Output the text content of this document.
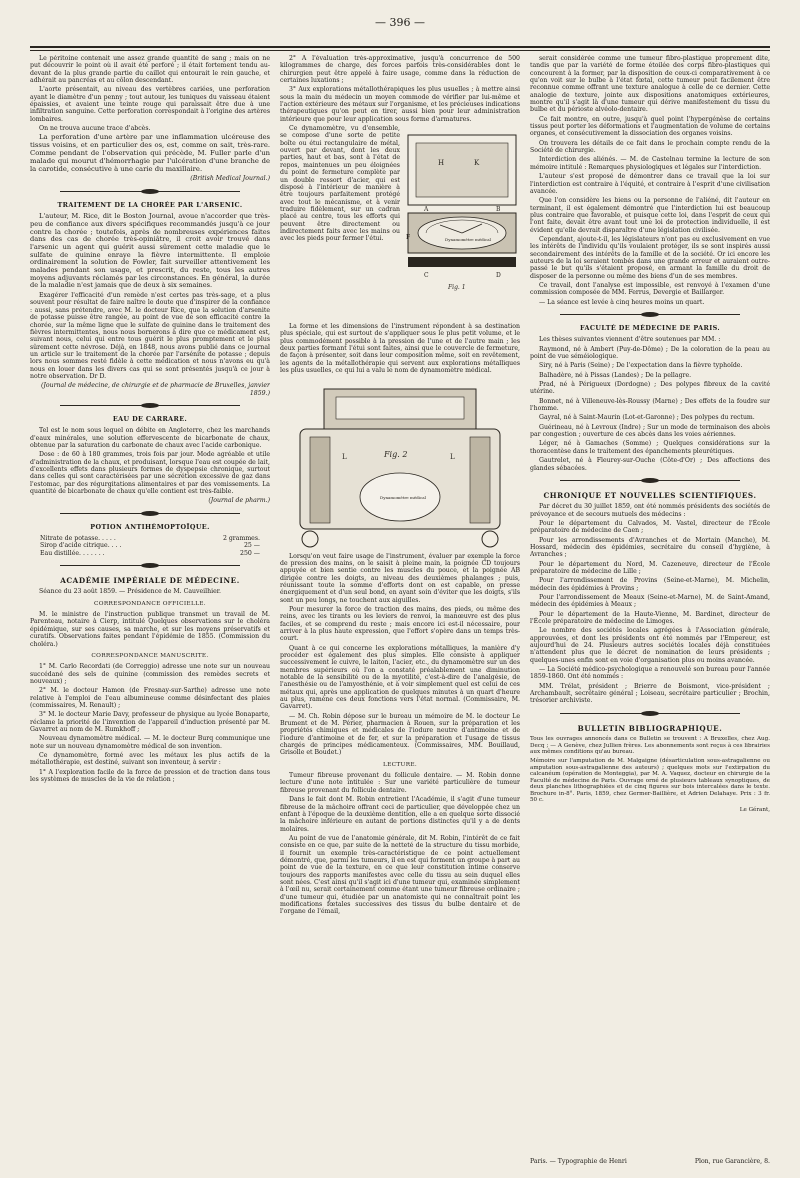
— 396 —

Le péritoine contenait une assez grande quantité de sang ; mais on ne put découvrir le point où il avait été perforé ; il était fortement tendu au-devant de la plus grande partie du caillot qui entourait le rein gauche, et adhérait au pancréas et au côlon descendant.

L'aorte présentait, au niveau des vertèbres cariées, une perforation ayant le diamètre d'un penny ; tout autour, les tuniques du vaisseau étaient épaissies, et avaient une teinte rouge qui paraissait être due à une infiltration sanguine. Cette perforation correspondait à l'origine des artères lombaires.

On ne trouva aucune trace d'abcès.

La perforation d'une artère par une inflammation ulcéreuse des tissus voisins, et en particulier des os, est, comme on sait, très-rare. Comme pendant de l'observation qui précède, M. Fuller parle d'un malade qui mourut d'hémorrhagie par l'ulcération d'une branche de la carotide, consécutive à une carie du maxillaire.

(British Medical Journal.)
TRAITEMENT DE LA CHORÉE PAR L'ARSENIC.

L'auteur, M. Rice, dit le Boston Journal, avoue n'accorder que très-peu de confiance aux divers spécifiques recommandés jusqu'à ce jour contre la chorée ; toutefois, après de nombreuses expériences faites dans des cas de chorée très-opiniâtre, il croit avoir trouvé dans l'arsenic un agent qui guérit aussi sûrement cette maladie que le sulfate de quinine enraye la fièvre intermittente. Il emploie ordinairement la solution de Fowler, fait surveiller attentivement les malades pendant son usage, et prescrit, du reste, tous les autres moyens adjuvants réclamés par les circonstances. En général, la durée de la maladie n'est jamais que de deux à six semaines.

Exagérer l'efficacité d'un remède n'est certes pas très-sage, et a plus souvent pour résultat de faire naître le doute que d'inspirer de la confiance : aussi, sans prétendre, avec M. le docteur Rice, que la solution d'arsenite de potasse puisse être rangée, au point de vue de son efficacité contre la chorée, sur la même ligne que le sulfate de quinine dans le traitement des fièvres intermittentes, nous nous bornerons à dire que ce médicament est, suivant nous, celui qui entre tous guérit le plus promptement et le plus sûrement cette névrose. Déjà, en 1848, nous avons publié dans ce journal un article sur le traitement de la chorée par l'arsénite de potasse ; depuis lors nous sommes resté fidèle à cette médication et nous n'avons eu qu'à nous en louer dans les divers cas qui se sont présentés jusqu'à ce jour à notre observation. Dr D.

(Journal de médecine, de chirurgie et de pharmacie de Bruxelles, janvier 1859.)
EAU DE CARRARE.

Tel est le nom sous lequel on débite en Angleterre, chez les marchands d'eaux minérales, une solution effervescente de bicarbonate de chaux, obtenue par la saturation du carbonate de chaux avec l'acide carbonique.

Dose : de 60 à 180 grammes, trois fois par jour. Mode agréable et utile d'administration de la chaux, et produisant, lorsque l'eau est coupée de lait, d'excellents effets dans plusieurs formes de dyspepsie chronique, surtout dans celles qui sont caractérisées par une sécrétion excessive de gaz dans l'estomac, par des régurgitations alimentaires et par des vomissements. La quantité de bicarbonate de chaux qu'elle contient est très-faible.

(Journal de pharm.)
POTION ANTIHÉMOPTOÏQUE.
Nitrate de potasse. . . . .	2 grammes.
Sirop d'acide citrique. . . .	25 —
Eau distillée. . . . . . .	250 —
ACADÉMIE IMPÉRIALE DE MÉDECINE.

Séance du 23 août 1859. — Présidence de M. Cauveilhier.

CORRESPONDANCE OFFICIELLE.

M. le ministre de l'instruction publique transmet un travail de M. Parenteau, notaire à Cierp, intitulé Quelques observations sur le choléra épidémique, sur ses causes, sa marche, et sur les moyens préservatifs et curatifs. Observations faites pendant l'épidémie de 1855. (Commission du choléra.)

CORRESPONDANCE MANUSCRITE.

1° M. Carlo Recordati (de Correggio) adresse une note sur un nouveau succédané des sels de quinine (commission des remèdes secrets et nouveaux) ;

2° M. le docteur Hamon (de Fresnay-sur-Sarthe) adresse une note relative à l'emploi de l'eau albumineuse comme désinfectant des plaies (commissaires, M. Renault) ;

3° M. le docteur Marie Davy, professeur de physique au lycée Bonaparte, réclame la priorité de l'invention de l'appareil d'induction présenté par M. Gavarret au nom de M. Rumkhoff ;

Nouveau dynamomètre médical. — M. le docteur Burq communique une note sur un nouveau dynamomètre médical de son invention.

Ce dynamomètre, formé avec les métaux les plus actifs de la métallothérapie, est destiné, suivant son inventeur, à servir :

1° A l'exploration facile de la force de pression et de traction dans tous les systèmes de muscles de la vie de relation ;

2° A l'évaluation très-approximative, jusqu'à concurrence de 500 kilogrammes de charge, des forces parfois très-considérables dont le chirurgien peut être appelé à faire usage, comme dans la réduction de certaines luxations ;

3° Aux explorations métallothérapiques les plus usuelles ; à mettre ainsi sous la main du médecin un moyen commode de vérifier par lui-même et l'action extérieure des métaux sur l'organisme, et les précieuses indications thérapeutiques qu'on peut en tirer, aussi bien pour leur administration intérieure que pour leur application sous forme d'armatures.

Ce dynamomètre, vu d'ensemble, se compose d'une sorte de petite boîte ou étui rectangulaire de métal, ouvert par devant, dont les deux parties, haut et bas, sont à l'état de repos, maintenues un peu éloignées du point de fermeture complète par un double ressort d'acier, qui est disposé à l'intérieur de manière à être toujours parfaitement protégé avec tout le mécanisme, et à venir traduire fidèlement, sur un cadran placé au centre, tous les efforts qui peuvent être directement ou indirectement faits avec les mains ou avec les pieds pour fermer l'étui.

H	K
Dynamomètre médical
A	B
C	D
F
Fig. 1

La forme et les dimensions de l'instrument répondent à sa destination plus spéciale, qui est surtout de s'appliquer sous le plus petit volume, et le plus commodément possible à la pression de l'une et de l'autre main ; les deux parties formant l'étui sont faites, ainsi que le couvercle de fermeture, de façon à présenter, soit dans leur composition même, soit en revêtement, les agents de la métallothérapie qui servent aux explorations métalliques les plus usuelles, ce qui lui a valu le nom de dynamomètre médical.

Dynamomètre médical
Fig. 2
L	L

Lorsqu'on veut faire usage de l'instrument, évaluer par exemple la force de pression des mains, on le saisit à pleine main, la poignée CD toujours appuyée et bien sentie contre les muscles du pouce, et la poignée AB dirigée contre les doigts, au niveau des deuxièmes phalanges ; puis, réunissant toute la somme d'efforts dont on est capable, on presse énergiquement et d'un seul bond, en ayant soin d'éviter que les doigts, s'ils sont un peu longs, ne touchent aux aiguilles.

Pour mesurer la force de traction des mains, des pieds, ou même des reins, avec les tirants ou les leviers de renvoi, la manœuvre est des plus faciles, et se comprend du reste ; mais encore ici est-il nécessaire, pour arriver à la plus haute expression, que l'effort s'opère dans un temps très-court.

Quant à ce qui concerne les explorations métalliques, la manière d'y procéder est également des plus simples. Elle consiste à appliquer successivement le cuivre, le laiton, l'acier, etc., du dynamomètre sur un des membres supérieurs où l'on a constaté préalablement une diminution notable de la sensibilité ou de la myotilité, c'est-à-dire de l'analgésie, de l'anesthésie ou de l'amyosthénie, et à voir simplement quel est celui de ces métaux qui, après une application de quelques minutes à un quart d'heure au plus, ramène ces deux fonctions vers l'état normal. (Commissaire, M. Gavarret).

— M. Ch. Robin dépose sur le bureau un mémoire de M. le docteur Le Brument et de M. Périer, pharmacien à Rouen, sur la préparation et les propriétés chimiques et médicales de l'iodure neutre d'antimoine et de l'iodure d'antimoine et de fer, et sur la préparation et l'usage de tissus chargés de principes médicamenteux. (Commissaires, MM. Bouillaud, Grisolle et Boudet.)

LECTURE.

Tumeur fibreuse provenant du follicule dentaire. — M. Robin donne lecture d'une note intitulée : Sur une variété particulière de tumeur fibreuse provenant du follicule dentaire.

Dans le fait dont M. Robin entretient l'Académie, il s'agit d'une tumeur fibreuse de la mâchoire offrant ceci de particulier, que développée chez un enfant à l'époque de la deuxième dentition, elle a en quelque sorte dissocié la mâchoire inférieure en autant de portions distinctes qu'il y a de dents molaires.

Au point de vue de l'anatomie générale, dit M. Robin, l'intérêt de ce fait consiste en ce que, par suite de la netteté de la structure du tissu morbide, il fournit un exemple très-caractéristique de ce point actuellement démontré, que, parmi les tumeurs, il en est qui forment un groupe à part au point de vue de la texture, en ce que leur constitution intime conserve toujours des rapports manifestes avec celle du tissu au sein duquel elles sont nées. C'est ainsi qu'il s'agit ici d'une tumeur qui, examinée simplement à l'œil nu, serait certainement comme étant une tumeur fibreuse ordinaire ; d'une tumeur qui, étudiée par un anatomiste qui ne connaîtrait point les modifications fœtales successives des tissus du bulbe dentaire et de l'organe de l'émail,

serait considérée comme une tumeur fibro-plastique proprement dite, tandis que par la variété de forme étoilée des corps fibro-plastiques qui concourent à la former, par la disposition de ceux-ci comparativement à ce qu'on voit sur le bulbe à l'état fœtal, cette tumeur peut facilement être reconnue comme offrant une texture analogue à celle de ce dernier. Cette analogie de texture, jointe aux dispositions anatomiques extérieures, montre qu'il s'agit là d'une tumeur qui dérive manifestement du tissu du bulbe et du périoste alvéolo-dentaire.

Ce fait montre, en outre, jusqu'à quel point l'hypergénèse de certains tissus peut porter les déformations et l'augmentation de volume de certains organes, et consécutivement la dissociation des organes voisins.

On trouvera les détails de ce fait dans le prochain compte rendu de la Société de chirurgie.

Interdiction des aliénés. — M. de Castelnau termine la lecture de son mémoire intitulé : Remarques physiologiques et légales sur l'interdiction.

L'auteur s'est proposé de démontrer dans ce travail que la loi sur l'interdiction est contraire à l'équité, et contraire à l'esprit d'une civilisation avancée.

Que l'on considère les biens ou la personne de l'aliéné, dit l'auteur en terminant, il est également démontré que l'interdiction lui est beaucoup plus contraire que favorable, et puisque cette loi, dans l'esprit de ceux qui l'ont faite, devait être avant tout une loi de protection individuelle, il est évident qu'elle devrait disparaître d'une législation civilisée.

Cependant, ajoute-t-il, les législateurs n'ont pas eu exclusivement en vue les intérêts de l'individu qu'ils voulaient protéger, ils se sont inspirés aussi secondairement des intérêts de la famille et de la société. Or ici encore les auteurs de la loi seraient tombés dans une grande erreur et auraient outre-passé le but qu'ils s'étaient proposé, en armant la famille du droit de disposer de la personne ou même des biens d'un de ses membres.

Ce travail, dont l'analyse est impossible, est renvoyé à l'examen d'une commission composée de MM. Ferrus, Devergie et Baillarger.

— La séance est levée à cinq heures moins un quart.

FACULTÉ DE MÉDECINE DE PARIS.

Les thèses suivantes viennent d'être soutenues par MM. :

Raymond, né à Ambert (Puy-de-Dôme) ; De la coloration de la peau au point de vue séméiologique.

Siry, né à Paris (Seine) ; De l'expectation dans la fièvre typhoïde.

Balhadère, né à Pissas (Landes) ; De la pellagre.

Prad, né à Périgueux (Dordogne) ; Des polypes fibreux de la cavité utérine.

Bonnet, né à Villeneuve-lès-Roussy (Marne) ; Des effets de la foudre sur l'homme.

Gayral, né à Saint-Maurin (Lot-et-Garonne) ; Des polypes du rectum.

Guérineau, né à Levroux (Indre) ; Sur un mode de terminaison des abcès par congestion ; ouverture de ces abcès dans les voies aériennes.

Léger, né à Gamaches (Somme) ; Quelques considérations sur la thoracentèse dans le traitement des épanchements pleurétiques.

Gautrelet, né à Fleurey-sur-Ouche (Côte-d'Or) ; Des affections des glandes sébacées.

CHRONIQUE ET NOUVELLES SCIENTIFIQUES.

Par décret du 30 juillet 1859, ont été nommés présidents des sociétés de prévoyance et de secours mutuels des médecins :

Pour le département du Calvados, M. Vastel, directeur de l'École préparatoire de médecine de Caen ;

Pour les arrondissements d'Avranches et de Mortain (Manche), M. Hossard, médecin des épidémies, secrétaire du conseil d'hygiène, à Avranches ;

Pour le département du Nord, M. Cazeneuve, directeur de l'École préparatoire de médecine de Lille ;

Pour l'arrondissement de Provins (Seine-et-Marne), M. Michelin, médecin des épidémies à Provins ;

Pour l'arrondissement de Meaux (Seine-et-Marne), M. de Saint-Amand, médecin des épidémies à Meaux ;

Pour le département de la Haute-Vienne, M. Bardinet, directeur de l'École préparatoire de médecine de Limoges.

Le nombre des sociétés locales agrégées à l'Association générale, approuvées, et dont les présidents ont été nommés par l'Empereur, est aujourd'hui de 24. Plusieurs autres sociétés locales déjà constituées n'attendent plus que le décret de nomination de leurs présidents ; quelques-unes enfin sont en voie d'organisation plus ou moins avancée.

— La Société médico-psychologique a renouvelé son bureau pour l'année 1859-1860. Ont été nommés :

MM. Trélat, président ; Brierre de Boismont, vice-président ; Archambault, secrétaire général ; Loiseau, secrétaire particulier ; Brochin, trésorier archiviste.

BULLETIN BIBLIOGRAPHIQUE.

Tous les ouvrages annoncés dans ce Bulletin se trouvent : A Bruxelles, chez Aug. Decq ; — A Genève, chez Jullien frères. Les abonnements sont reçus à ces librairies aux mêmes conditions qu'au bureau.

Mémoire sur l'amputation de M. Malgaigne (désarticulation sous-astragalienne ou amputation sous-astragalienne des auteurs) ; quelques mots sur l'extirpation du calcanéum (opération de Monteggia), par M. A. Vaquez, docteur en chirurgie de la Faculté de médecine de Paris. Ouvrage orné de plusieurs tableaux synoptiques, de deux planches lithographiées et de cinq figures sur bois intercalées dans le texte. Brochure in-8°. Paris, 1859, chez Germer-Baillière, et Adrien Delahaye. Prix : 3 fr. 50 c.

Le Gérant,
Paris. — Typographie de Henri	Plon, rue Garancière, 8.
